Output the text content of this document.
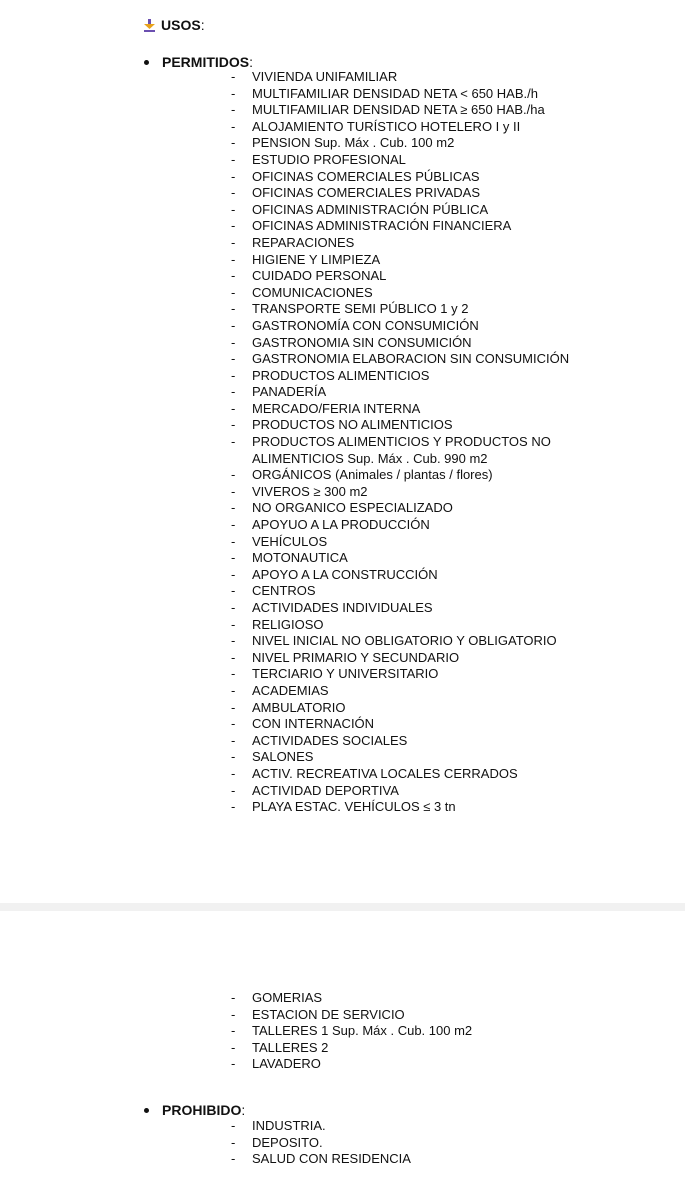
USOS :
PERMITIDOS :
- VIVIENDA UNIFAMILIAR
- MULTIFAMILIAR DENSIDAD NETA < 650 HAB./h
- MULTIFAMILIAR DENSIDAD NETA ≥ 650 HAB./ha
- ALOJAMIENTO TURÍSTICO HOTELERO I y II
- PENSION Sup. Máx . Cub. 100 m2
- ESTUDIO PROFESIONAL
- OFICINAS COMERCIALES PÚBLICAS
- OFICINAS COMERCIALES PRIVADAS
- OFICINAS ADMINISTRACIÓN PÚBLICA
- OFICINAS ADMINISTRACIÓN FINANCIERA
- REPARACIONES
- HIGIENE Y LIMPIEZA
- CUIDADO PERSONAL
- COMUNICACIONES
- TRANSPORTE SEMI PÚBLICO 1 y 2
- GASTRONOMÍA CON CONSUMICIÓN
- GASTRONOMIA SIN CONSUMICIÓN
- GASTRONOMIA ELABORACION SIN CONSUMICIÓN
- PRODUCTOS ALIMENTICIOS
- PANADERÍA
- MERCADO/FERIA INTERNA
- PRODUCTOS NO ALIMENTICIOS
- PRODUCTOS ALIMENTICIOS Y PRODUCTOS NO
ALIMENTICIOS Sup. Máx . Cub. 990 m2
- ORGÁNICOS (Animales / plantas / flores)
- VIVEROS ≥ 300 m2
- NO ORGANICO ESPECIALIZADO
- APOYUO A LA PRODUCCIÓN
- VEHÍCULOS
- MOTONAUTICA
- APOYO A LA CONSTRUCCIÓN
- CENTROS
- ACTIVIDADES INDIVIDUALES
- RELIGIOSO
- NIVEL INICIAL NO OBLIGATORIO Y OBLIGATORIO
- NIVEL PRIMARIO Y SECUNDARIO
- TERCIARIO Y UNIVERSITARIO
- ACADEMIAS
- AMBULATORIO
- CON INTERNACIÓN
- ACTIVIDADES SOCIALES
- SALONES
- ACTIV. RECREATIVA LOCALES CERRADOS
- ACTIVIDAD DEPORTIVA
- PLAYA ESTAC. VEHÍCULOS ≤ 3 tn
- GOMERIAS
- ESTACION DE SERVICIO
- TALLERES 1 Sup. Máx . Cub. 100 m2
- TALLERES 2
- LAVADERO
PROHIBIDO :
- INDUSTRIA.
- DEPOSITO.
- SALUD CON RESIDENCIA
